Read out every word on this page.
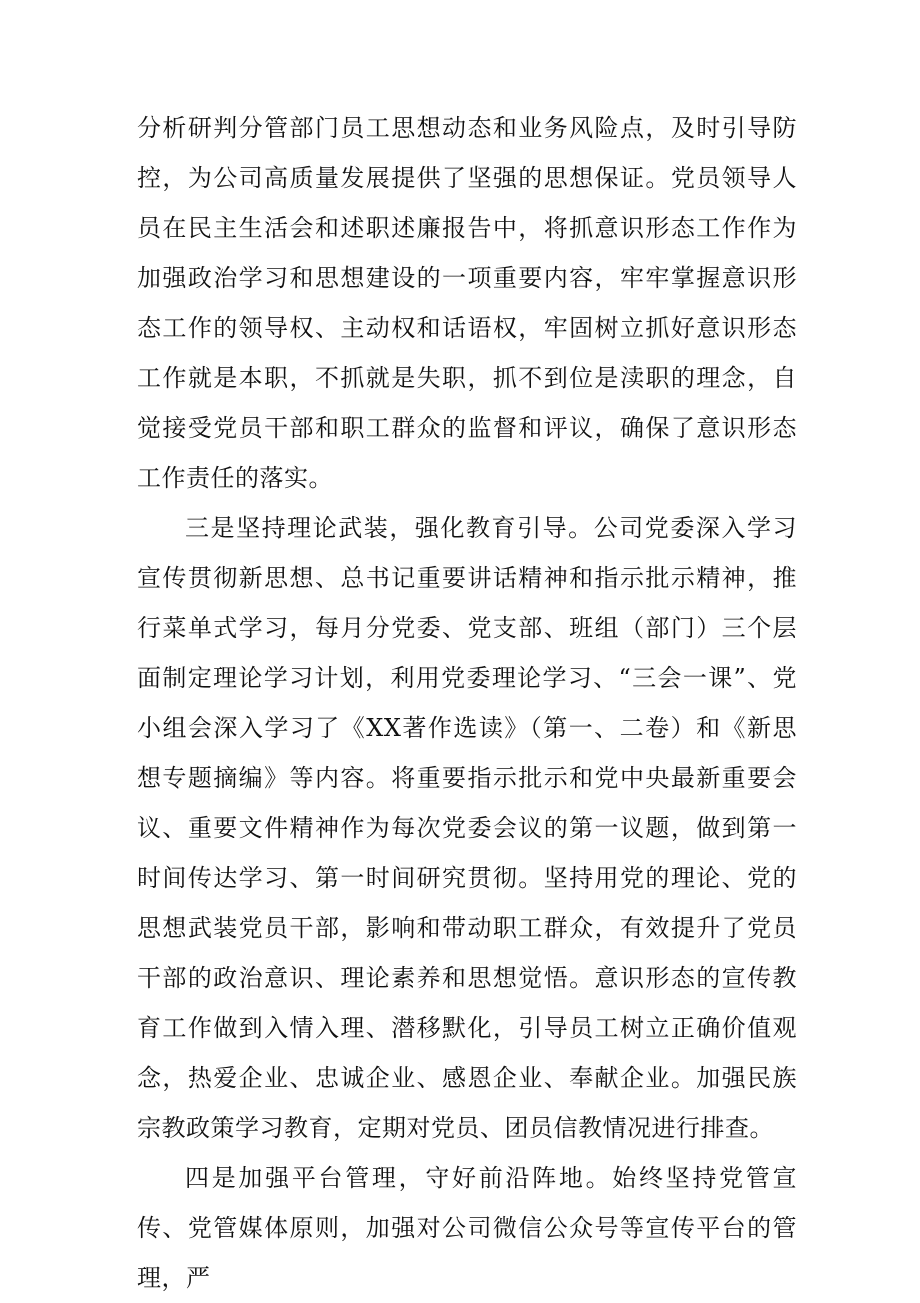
分析研判分管部门员工思想动态和业务风险点，及时引导防控，为公司高质量发展提供了坚强的思想保证。党员领导人员在民主生活会和述职述廉报告中，将抓意识形态工作作为加强政治学习和思想建设的一项重要内容，牢牢掌握意识形态工作的领导权、主动权和话语权，牢固树立抓好意识形态工作就是本职，不抓就是失职，抓不到位是渎职的理念，自觉接受党员干部和职工群众的监督和评议，确保了意识形态工作责任的落实。

三是坚持理论武装，强化教育引导。公司党委深入学习宣传贯彻新思想、总书记重要讲话精神和指示批示精神，推行菜单式学习，每月分党委、党支部、班组（部门）三个层面制定理论学习计划，利用党委理论学习、“三会一课”、党小组会深入学习了《XX著作选读》（第一、二卷）和《新思想专题摘编》等内容。将重要指示批示和党中央最新重要会议、重要文件精神作为每次党委会议的第一议题，做到第一时间传达学习、第一时间研究贯彻。坚持用党的理论、党的思想武装党员干部，影响和带动职工群众，有效提升了党员干部的政治意识、理论素养和思想觉悟。意识形态的宣传教育工作做到入情入理、潜移默化，引导员工树立正确价值观念，热爱企业、忠诚企业、感恩企业、奉献企业。加强民族宗教政策学习教育，定期对党员、团员信教情况进行排查。

四是加强平台管理，守好前沿阵地。始终坚持党管宣传、党管媒体原则，加强对公司微信公众号等宣传平台的管理，严
